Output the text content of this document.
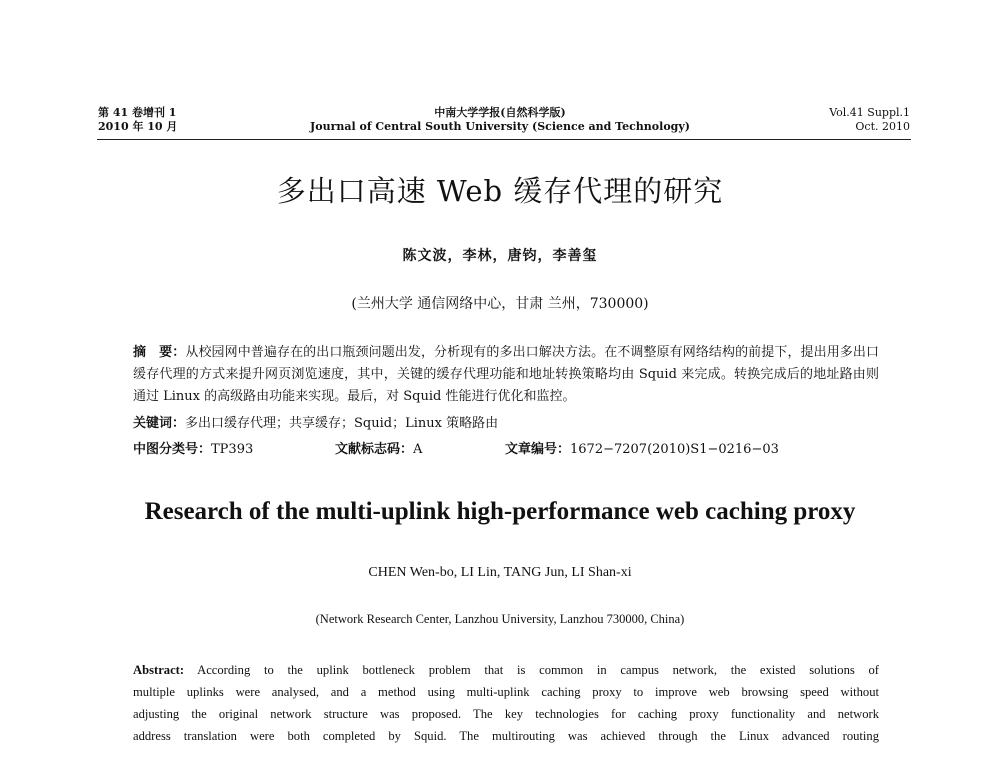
第 41 卷增刊 1
2010 年 10 月
中南大学学报(自然科学版)
Journal of Central South University (Science and Technology)
Vol.41 Suppl.1
Oct. 2010
多出口高速 Web 缓存代理的研究
陈文波，李林，唐钧，李善玺
(兰州大学 通信网络中心，甘肃 兰州，730000)
摘　要：从校园网中普遍存在的出口瓶颈问题出发，分析现有的多出口解决方法。在不调整原有网络结构的前提下，提出用多出口缓存代理的方式来提升网页浏览速度，其中，关键的缓存代理功能和地址转换策略均由 Squid 来完成。转换完成后的地址路由则通过 Linux 的高级路由功能来实现。最后，对 Squid 性能进行优化和监控。
关键词：多出口缓存代理；共享缓存；Squid；Linux 策略路由
中图分类号：TP393	文献标志码：A	文章编号：1672−7207(2010)S1−0216−03
Research of the multi-uplink high-performance web caching proxy
CHEN Wen-bo, LI Lin, TANG Jun, LI Shan-xi
(Network Research Center, Lanzhou University, Lanzhou 730000, China)
Abstract: According to the uplink bottleneck problem that is common in campus network, the existed solutions of
multiple uplinks were analysed, and a method using multi-uplink caching proxy to improve web browsing speed without
adjusting the original network structure was proposed. The key technologies for caching proxy functionality and network
address translation were both completed by Squid. The multirouting was achieved through the Linux advanced routing
